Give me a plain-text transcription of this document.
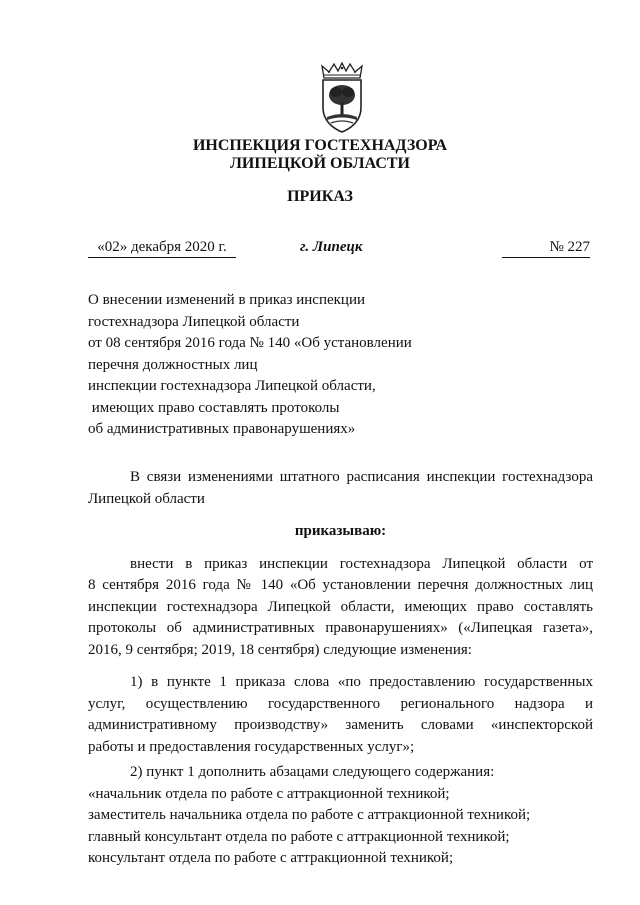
ИНСПЕКЦИЯ ГОСТЕХНАДЗОРА
ЛИПЕЦКОЙ ОБЛАСТИ
ПРИКАЗ
«02» декабря 2020 г.	г. Липецк	№ 227
О внесении изменений в приказ инспекции
гостехнадзора Липецкой области
от 08 сентября 2016 года № 140 «Об установлении
перечня должностных лиц
инспекции гостехнадзора Липецкой области,
имеющих право составлять протоколы
об административных правонарушениях»
В связи изменениями штатного расписания инспекции гостехнадзора
Липецкой области
приказываю:
внести в приказ инспекции гостехнадзора Липецкой области от
8 сентября 2016 года № 140 «Об установлении перечня должностных лиц
инспекции гостехнадзора Липецкой области, имеющих право составлять
протоколы об административных правонарушениях» («Липецкая газета»,
2016, 9 сентября; 2019, 18 сентября) следующие изменения:
1) в пункте 1 приказа слова «по предоставлению государственных
услуг, осуществлению государственного регионального надзора и
административному производству» заменить словами «инспекторской
работы и предоставления государственных услуг»;
2) пункт 1 дополнить абзацами следующего содержания:
«начальник отдела по работе с аттракционной техникой;
заместитель начальника отдела по работе с аттракционной техникой;
главный консультант отдела по работе с аттракционной техникой;
консультант отдела по работе с аттракционной техникой;
